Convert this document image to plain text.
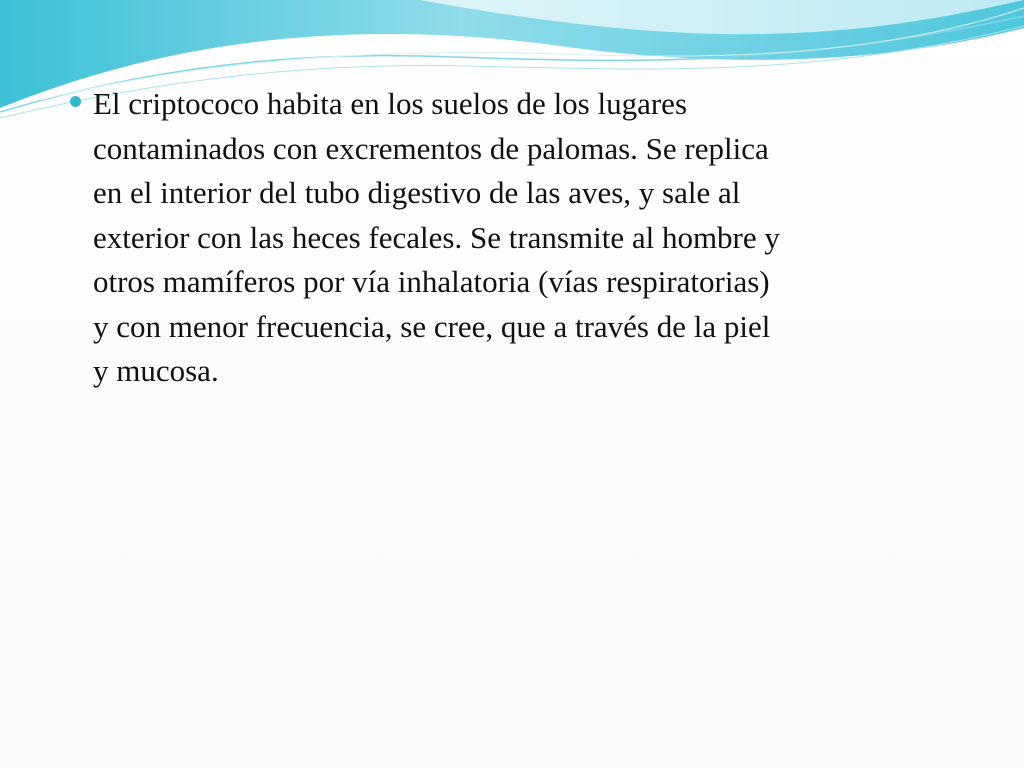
El criptococo habita en los suelos de los lugares
contaminados con excrementos de palomas. Se replica
en el interior del tubo digestivo de las aves, y sale al
exterior con las heces fecales. Se transmite al hombre y
otros mamíferos por vía inhalatoria (vías respiratorias)
y con menor frecuencia, se cree, que a través de la piel
y mucosa.
